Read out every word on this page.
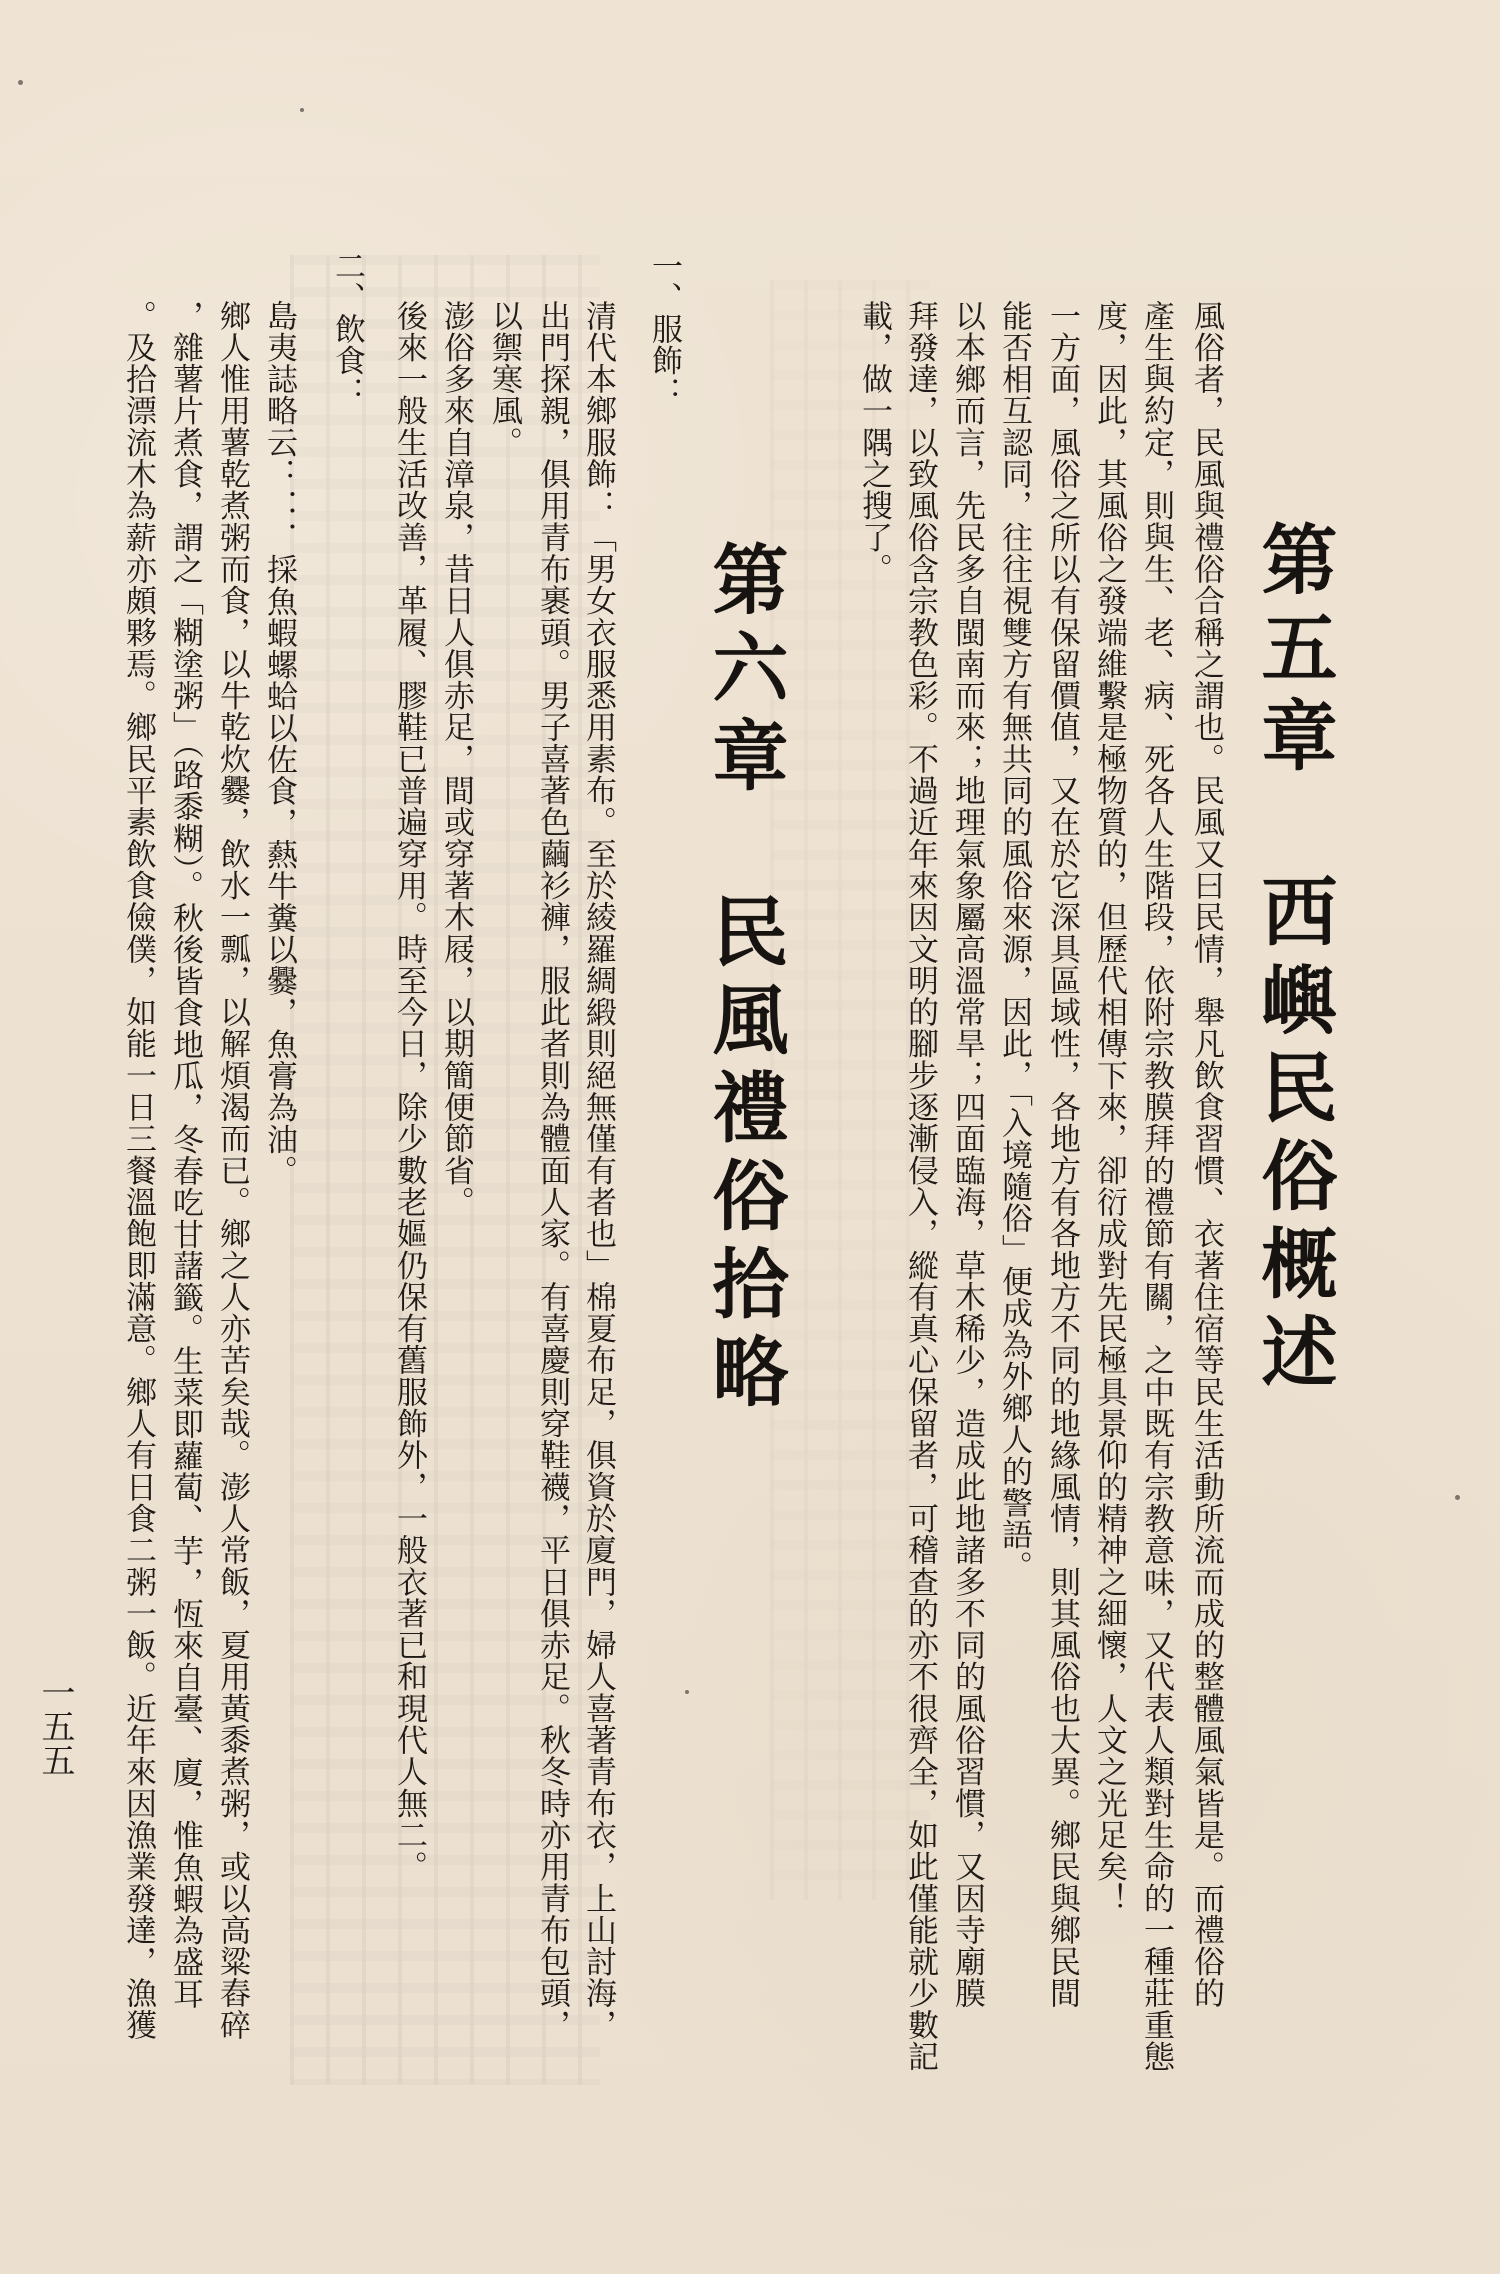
第五章　西嶼民俗概述

第六章　民風禮俗拾略	風俗者，民風與禮俗合稱之謂也。民風又曰民情，舉凡飲食習慣、衣著住宿等民生活動所流而成的整體風氣皆是。而禮俗的

產生與約定，則與生、老、病、死各人生階段，依附宗教膜拜的禮節有關，之中既有宗教意味，又代表人類對生命的一種莊重態

度，因此，其風俗之發端維繫是極物質的，但歷代相傳下來，卻衍成對先民極具景仰的精神之細懷，人文之光足矣！

一方面，風俗之所以有保留價值，又在於它深具區域性，各地方有各地方不同的地緣風情，則其風俗也大異。鄉民與鄉民間

能否相互認同，往往視雙方有無共同的風俗來源，因此，「入境隨俗」便成為外鄉人的警語。

以本鄉而言，先民多自閩南而來；地理氣象屬高溫常旱；四面臨海，草木稀少，造成此地諸多不同的風俗習慣，又因寺廟膜

拜發達，以致風俗含宗教色彩。不過近年來因文明的腳步逐漸侵入，縱有真心保留者，可稽查的亦不很齊全，如此僅能就少數記

載，做一隅之搜了。

一、服飾：

清代本鄉服飾：「男女衣服悉用素布。至於綾羅綢緞則絕無僅有者也」棉夏布足，俱資於廈門，婦人喜著青布衣，上山討海，

出門探親，俱用青布裹頭。男子喜著色繭衫褲，服此者則為體面人家。有喜慶則穿鞋襪，平日俱赤足。秋冬時亦用青布包頭，

以禦寒風。

澎俗多來自漳泉，昔日人俱赤足，間或穿著木屐，以期簡便節省。

後來一般生活改善，革履、膠鞋已普遍穿用。時至今日，除少數老嫗仍保有舊服飾外，一般衣著已和現代人無二。

二、飲食：

島夷誌略云：．．．採魚蝦螺蛤以佐食，爇牛糞以爨，魚膏為油。

鄉人惟用薯乾煮粥而食，以牛乾炊爨，飲水一瓢，以解煩渴而已。鄉之人亦苦矣哉。澎人常飯，夏用黃黍煮粥，或以高粱舂碎

，雜薯片煮食，謂之「糊塗粥」（路黍糊）。秋後皆食地瓜，冬春吃甘藷籤。生菜即蘿蔔、芋，恆來自臺、廈，惟魚蝦為盛耳

。及拾漂流木為薪亦頗夥焉。鄉民平素飲食儉僕，如能一日三餐溫飽即滿意。鄉人有日食二粥一飯。近年來因漁業發達，漁獲

一五五
